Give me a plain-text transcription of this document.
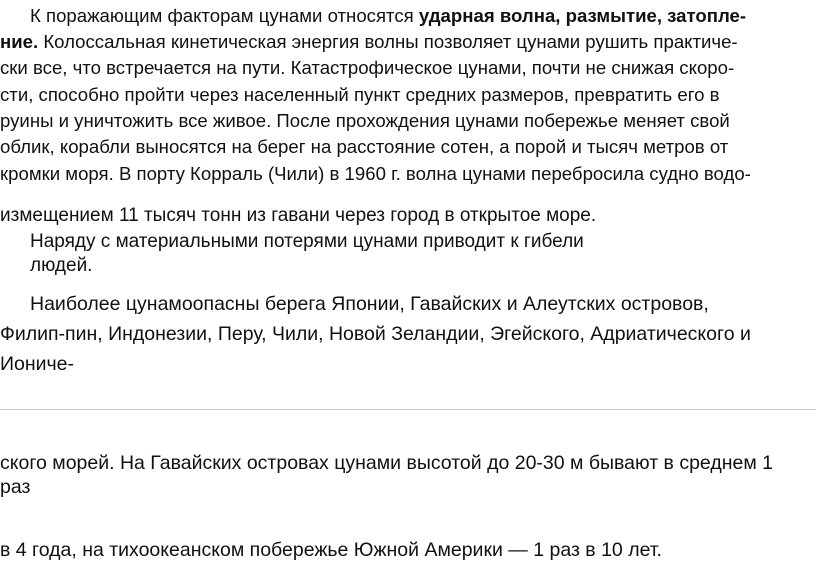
К поражающим факторам цунами относятся ударная волна, размытие, затопле-
ние. Колоссальная кинетическая энергия волны позволяет цунами рушить практиче-
ски все, что встречается на пути. Катастрофическое цунами, почти не снижая скоро-
сти, способно пройти через населенный пункт средних размеров, превратить его в
руины и уничтожить все живое. После прохождения цунами побережье меняет свой
облик, корабли выносятся на берег на расстояние сотен, а порой и тысяч метров от
кромки моря. В порту Корраль (Чили) в 1960 г. волна цунами перебросила судно водо-
измещением 11 тысяч тонн из гавани через город в открытое море.
Наряду с материальными потерями цунами приводит к гибели
людей.
Наиболее цунамоопасны берега Японии, Гавайских и Алеутских островов,
Филип-пин, Индонезии, Перу, Чили, Новой Зеландии, Эгейского, Адриатического и
Иониче-
ского морей. На Гавайских островах цунами высотой до 20-30 м бывают в среднем 1
раз
в 4 года, на тихоокеанском побережье Южной Америки — 1 раз в 10 лет.
